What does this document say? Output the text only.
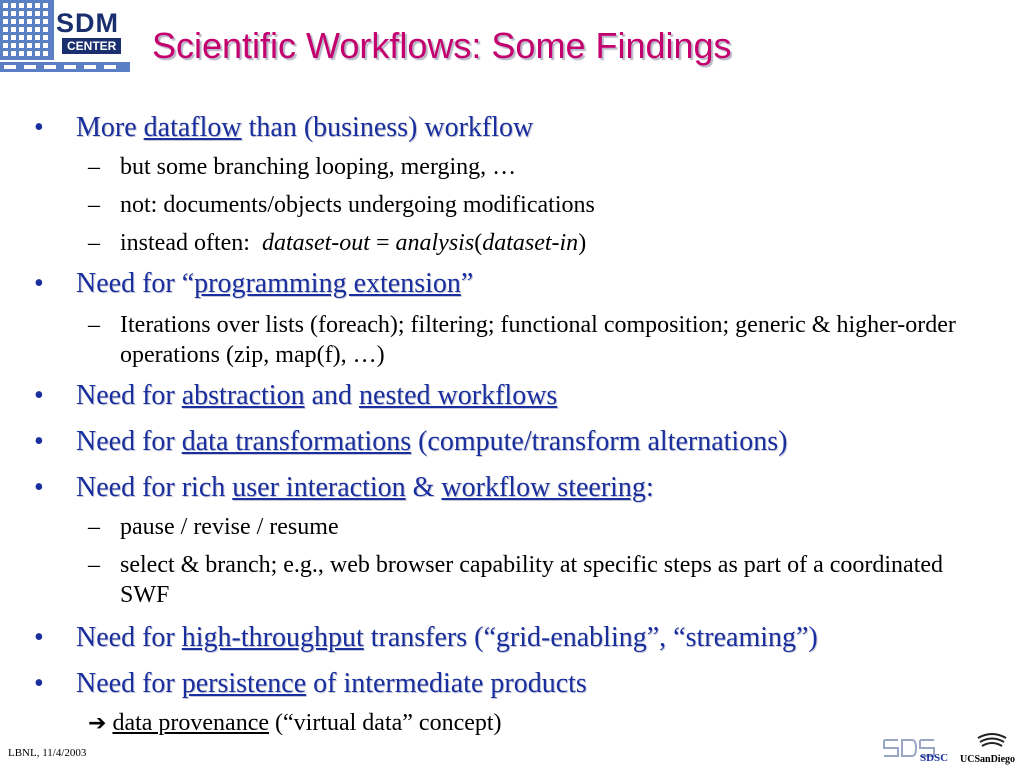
SDM
CENTER Scientific Workflows: Some Findings
• More dataflow than (business) workflow
– but some branching looping, merging, …
– not: documents/objects undergoing modifications
– instead often:  dataset-out = analysis(dataset-in)
• Need for “programming extension”
– Iterations over lists (foreach); filtering; functional composition; generic & higher-order operations (zip, map(f), …)
• Need for abstraction and nested workflows
• Need for data transformations (compute/transform alternations)
• Need for rich user interaction & workflow steering:
– pause / revise / resume
– select & branch; e.g., web browser capability at specific steps as part of a coordinated SWF
• Need for high-throughput transfers (“grid-enabling”, “streaming”)
• Need for persistence of intermediate products
➔ data provenance (“virtual data” concept)
LBNL, 11/4/2003	SDSC UCSanDiego
